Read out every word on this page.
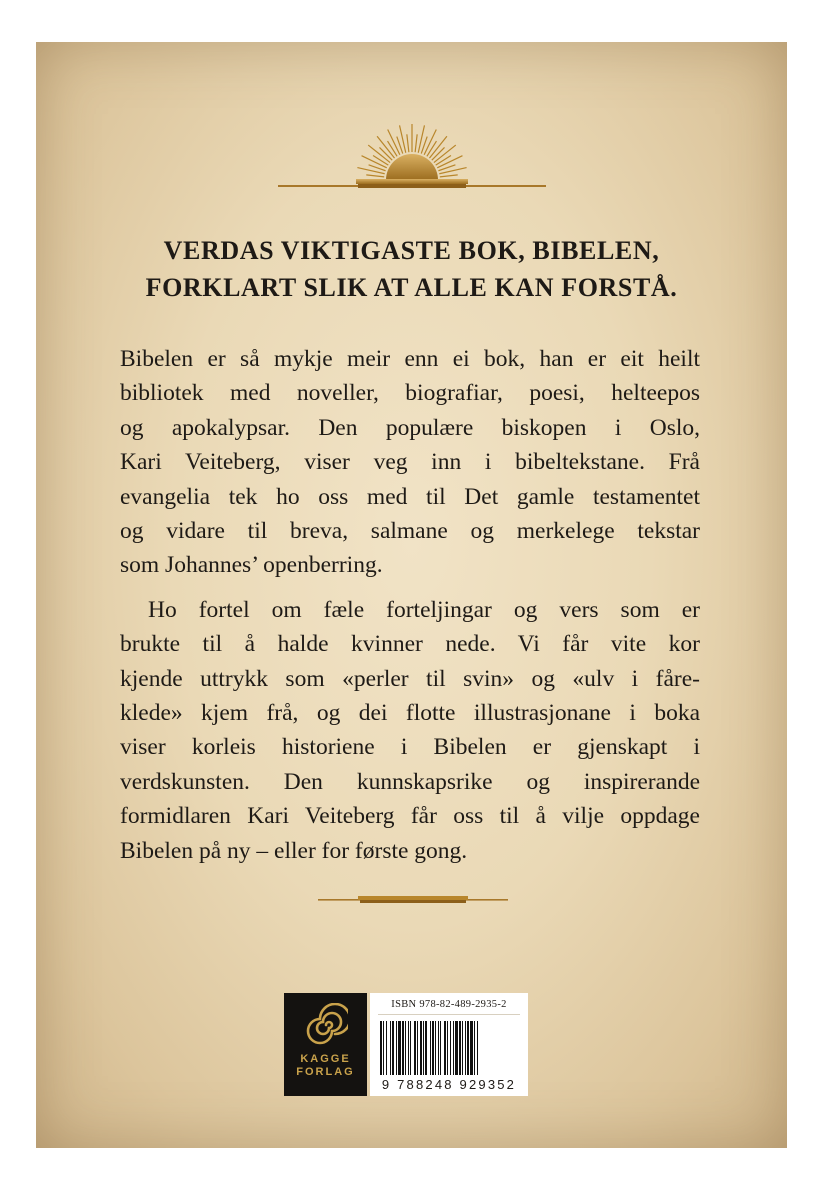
VERDAS VIKTIGASTE BOK, BIBELEN,
FORKLART SLIK AT ALLE KAN FORSTÅ.
Bibelen er så mykje meir enn ei bok, han er eit heilt
bibliotek med noveller, biografiar, poesi, helteepos
og apokalypsar. Den populære biskopen i Oslo,
Kari Veiteberg, viser veg inn i bibeltekstane. Frå
evangelia tek ho oss med til Det gamle testamentet
og vidare til breva, salmane og merkelege tekstar
som Johannes’ openberring.
Ho fortel om fæle forteljingar og vers som er
brukte til å halde kvinner nede. Vi får vite kor
kjende uttrykk som «perler til svin» og «ulv i fåre-
klede» kjem frå, og dei flotte illustrasjonane i boka
viser korleis historiene i Bibelen er gjenskapt i
verdskunsten. Den kunnskapsrike og inspirerande
formidlaren Kari Veiteberg får oss til å vilje oppdage
Bibelen på ny – eller for første gong.
KAGGE
FORLAG
ISBN 978-82-489-2935-2
9 788248 929352
